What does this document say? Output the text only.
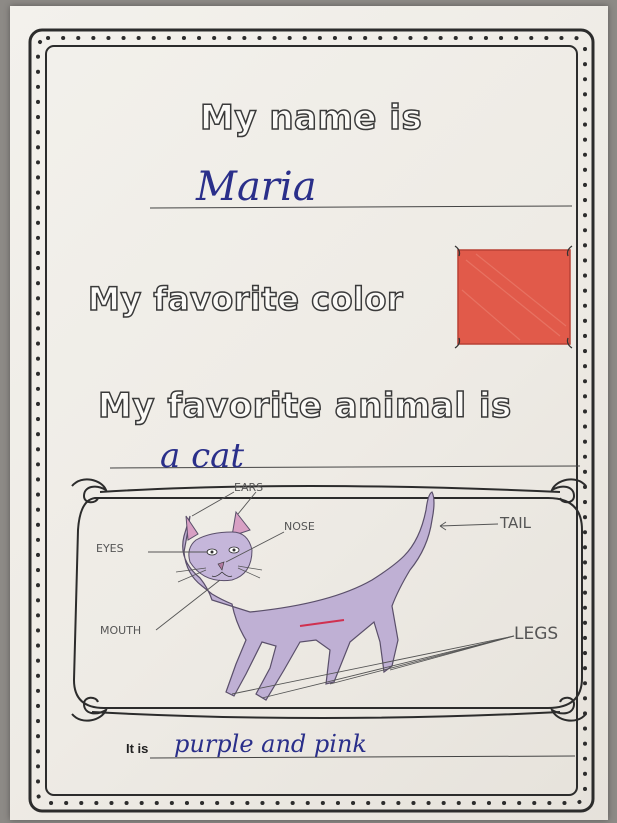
My name is
Maria
My favorite color
My favorite animal is
a cat
EARS
NOSE	TAIL
EYES
MOUTH	LEGS
It is purple and pink
